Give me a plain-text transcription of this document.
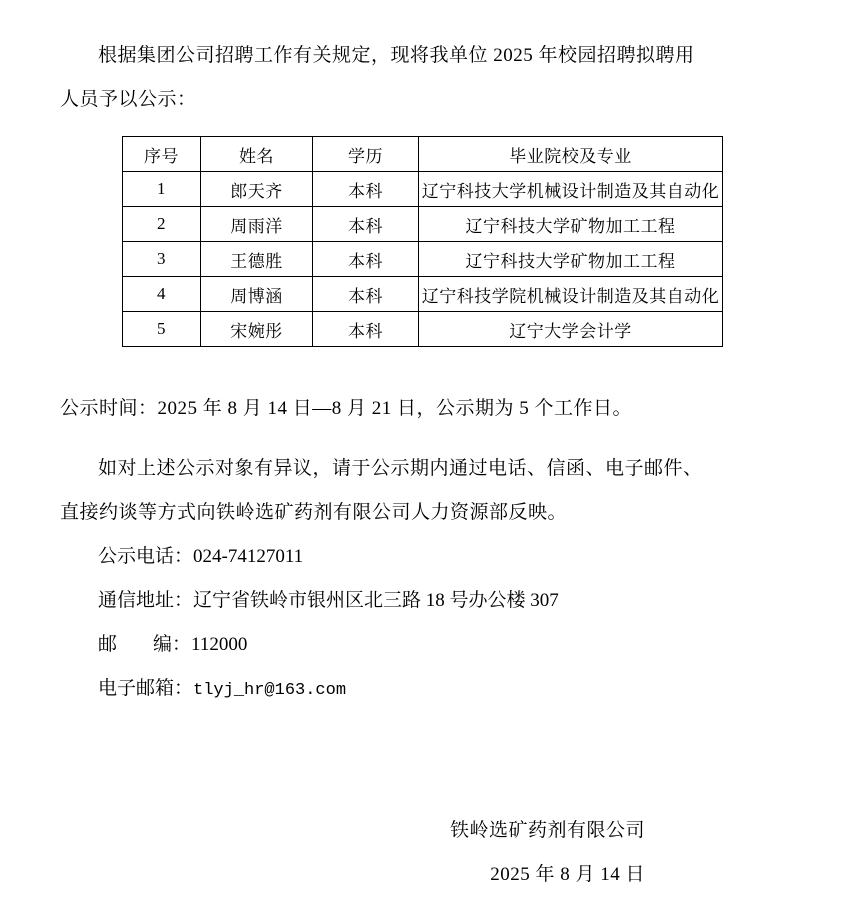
根据集团公司招聘工作有关规定，现将我单位 2025 年校园招聘拟聘用

人员予以公示：

序号	姓名	学历	毕业院校及专业
1	郎天齐	本科	辽宁科技大学机械设计制造及其自动化
2	周雨洋	本科	辽宁科技大学矿物加工工程
3	王德胜	本科	辽宁科技大学矿物加工工程
4	周博涵	本科	辽宁科技学院机械设计制造及其自动化
5	宋婉彤	本科	辽宁大学会计学

公示时间：2025 年 8 月 14 日—8 月 21 日，公示期为 5 个工作日。

如对上述公示对象有异议，请于公示期内通过电话、信函、电子邮件、

直接约谈等方式向铁岭选矿药剂有限公司人力资源部反映。

公示电话：024-74127011
通信地址：辽宁省铁岭市银州区北三路 18 号办公楼 307
邮 编：112000
电子邮箱：tlyj_hr@163.com
铁岭选矿药剂有限公司
2025 年 8 月 14 日
